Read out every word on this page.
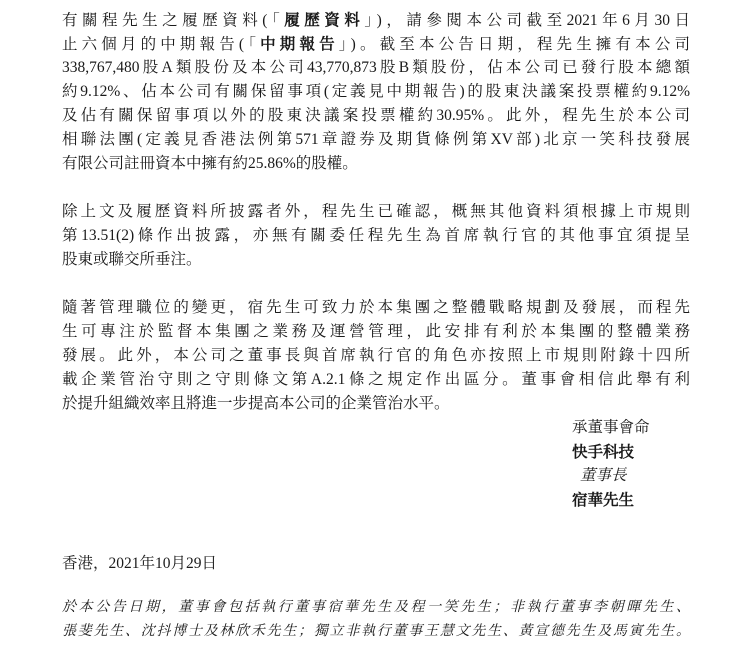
有關程先生之履歷資料(「履歷資料」)，請參閱本公司截至2021年6月30日
止六個月的中期報告(「中期報告」)。截至本公告日期，程先生擁有本公司
338,767,480股A類股份及本公司43,770,873股B類股份，佔本公司已發行股本總額
約9.12%、佔本公司有關保留事項(定義見中期報告)的股東決議案投票權約9.12%
及佔有關保留事項以外的股東決議案投票權約30.95%。此外，程先生於本公司
相聯法團(定義見香港法例第571章證券及期貨條例第XV部)北京一笑科技發展
有限公司註冊資本中擁有約25.86%的股權。
除上文及履歷資料所披露者外，程先生已確認，概無其他資料須根據上市規則
第13.51(2)條作出披露，亦無有關委任程先生為首席執行官的其他事宜須提呈
股東或聯交所垂注。
隨著管理職位的變更，宿先生可致力於本集團之整體戰略規劃及發展，而程先
生可專注於監督本集團之業務及運營管理，此安排有利於本集團的整體業務
發展。此外，本公司之董事長與首席執行官的角色亦按照上市規則附錄十四所
載企業管治守則之守則條文第A.2.1條之規定作出區分。董事會相信此舉有利
於提升組織效率且將進一步提高本公司的企業管治水平。
承董事會命
快手科技
董事長
宿華先生
香港，2021年10月29日
於本公告日期，董事會包括執行董事宿華先生及程一笑先生；非執行董事李朝暉先生、
張斐先生、沈抖博士及林欣禾先生；獨立非執行董事王慧文先生、黃宣德先生及馬寅先生。
